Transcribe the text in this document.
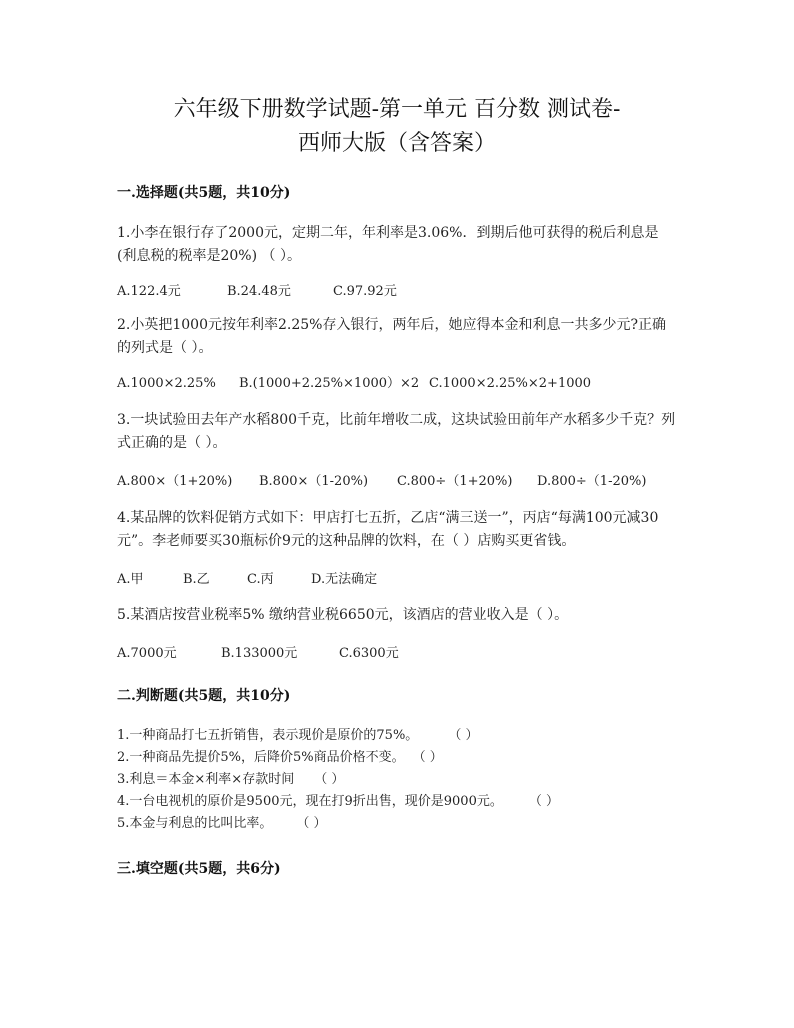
六年级下册数学试题-第一单元 百分数 测试卷-
西师大版（含答案）
一.选择题(共5题，共10分)
1.小李在银行存了2000元，定期二年，年利率是3.06%．到期后他可获得的税后利息是(利息税的税率是20%) （ ）。
A.122.4元	B.24.48元	C.97.92元
2.小英把1000元按年利率2.25%存入银行，两年后，她应得本金和利息一共多少元?正确的列式是（ ）。
A.1000×2.25% B.(1000+2.25%×1000）×2 C.1000×2.25%×2+1000
3.一块试验田去年产水稻800千克，比前年增收二成，这块试验田前年产水稻多少千克？列式正确的是（ ）。
A.800×（1+20%) B.800×（1-20%) C.800÷（1+20%) D.800÷（1-20%)
4.某品牌的饮料促销方式如下：甲店打七五折，乙店“满三送一”，丙店“每满100元减30元”。李老师要买30瓶标价9元的这种品牌的饮料，在（ ）店购买更省钱。
A.甲	B.乙	C.丙	D.无法确定
5.某酒店按营业税率5% 缴纳营业税6650元，该酒店的营业收入是（ ）。
A.7000元	B.133000元	C.6300元
二.判断题(共5题，共10分)
1.一种商品打七五折销售，表示现价是原价的75%。 （ ）
2.一种商品先提价5%，后降价5%商品价格不变。 （ ）
3.利息＝本金×利率×存款时间 （ ）
4.一台电视机的原价是9500元，现在打9折出售，现价是9000元。 （ ）
5.本金与利息的比叫比率。 （ ）
三.填空题(共5题，共6分)
